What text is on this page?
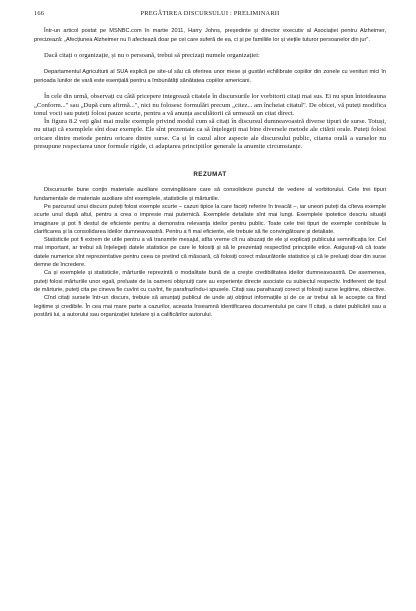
166	PREGĂTIREA DISCURSULUI : PRELIMINARII

Într-un articol postat pe MSNBC.com în martie 2011, Harry Johns, președinte și director executiv al Asociației pentru Alzheimer, precizează: „Afecțiunea Alzheimer nu îi afectează doar pe cei care suferă de ea, ci și pe familiile lor și viețile tuturor persoanelor din jur".

Dacă citați o organizație, și nu o persoană, trebui să precizați numele organizației:

Departamentul Agriculturii al SUA explică pe site-ul său că oferirea unor mese și gustări echilibrate copiilor din zonele cu venituri mici în perioada lunilor de vară este esențială pentru a îmbunătăți sănătatea copiilor americani.

În cele din urmă, observați cu câtă pricepere integrează citatele în discursurile lor vorbitorii citați mai sus. Ei nu spun întotdeauna „Conform..." sau „După cum afirmă...", nici nu folosesc formulări precum „citez... am încheiat citatul". De obicei, vă puteți modifica tonul vocii sau puteți folosi pauze scurte, pentru a vă anunța ascultătorii că urmează un citat direct.

În figura 8.2 veți găsi mai multe exemple privind modul cum să citați în discursul dumneavoastră diverse tipuri de surse. Totuși, nu uitați că exemplele sînt doar exemple. Ele sînt prezentate ca să înțelegeți mai bine diversele metode ale citării orale. Puteți folosi oricare dintre metode pentru oricare dintre surse. Ca și în cazul altor aspecte ale discursului public, citarea orală a surselor nu presupune respectarea unor formule rigide, ci adaptarea principiilor generale la anumite circumstanțe.

REZUMAT

Discursurile bune conțin materiale auxiliare convingătoare care să consolideze punctul de vedere al vorbitorului. Cele trei tipuri fundamentale de materiale auxiliare sînt exemplele, statisticile și mărturiile.

Pe parcursul unui discurs puteți folosi exemple scurte – cazuri tipice la care faceți referire în treacăt –, iar uneori puteți da cîteva exemple scurte unul după altul, pentru a crea o impresie mai puternică. Exemplele detaliate sînt mai lungi. Exemplele ipotetice descriu situații imaginare și pot fi destul de eficiente pentru a demonstra relevanța ideilor pentru public. Toate cele trei tipuri de exemple contribuie la clarificarea și la consolidarea ideilor dumneavoastră. Pentru a fi mai eficiente, ele trebuie să fie convingătoare și detaliate.

Statisticile pot fi extrem de utile pentru a vă transmite mesajul, atîta vreme cît nu abuzați de ele și explicați publicului semnificația lor. Cel mai important, ar trebui să înțelegeți datele statistice pe care le folosiți și să le prezentați respectînd principiile etice. Asigurați-vă că toate datele numerice sînt reprezentative pentru ceea ce pretind că măsoară, că folosiți corect măsurătorile statistice și că le preluați doar din surse demne de încredere.

Ca și exemplele și statisticile, mărturiile reprezintă o modalitate bună de a crește credibilitatea ideilor dumneavoastră. De asemenea, puteți folosi mărturiile unor egali, preluate de la oameni obișnuiți care au experiențe directe asociate cu subiectul respectiv. Indiferent de tipul de mărturie, puteți cita pe cineva fie cuvînt cu cuvînt, fie parafrazîndu-i spusele. Citați sau parafrazați corect și folosiți surse legitime, obiective.

Cînd citați sursele într-un discurs, trebuie să anunțați publicul de unde ați obținut informațiile și de ce ar trebui să le accepte ca fiind legitime și credibile. În cea mai mare parte a cazurilor, aceasta înseamnă identificarea documentului pe care îl citați, a datei publicării sau a postării lui, a autorului sau organizației tutelare și a calificărilor autorului.
